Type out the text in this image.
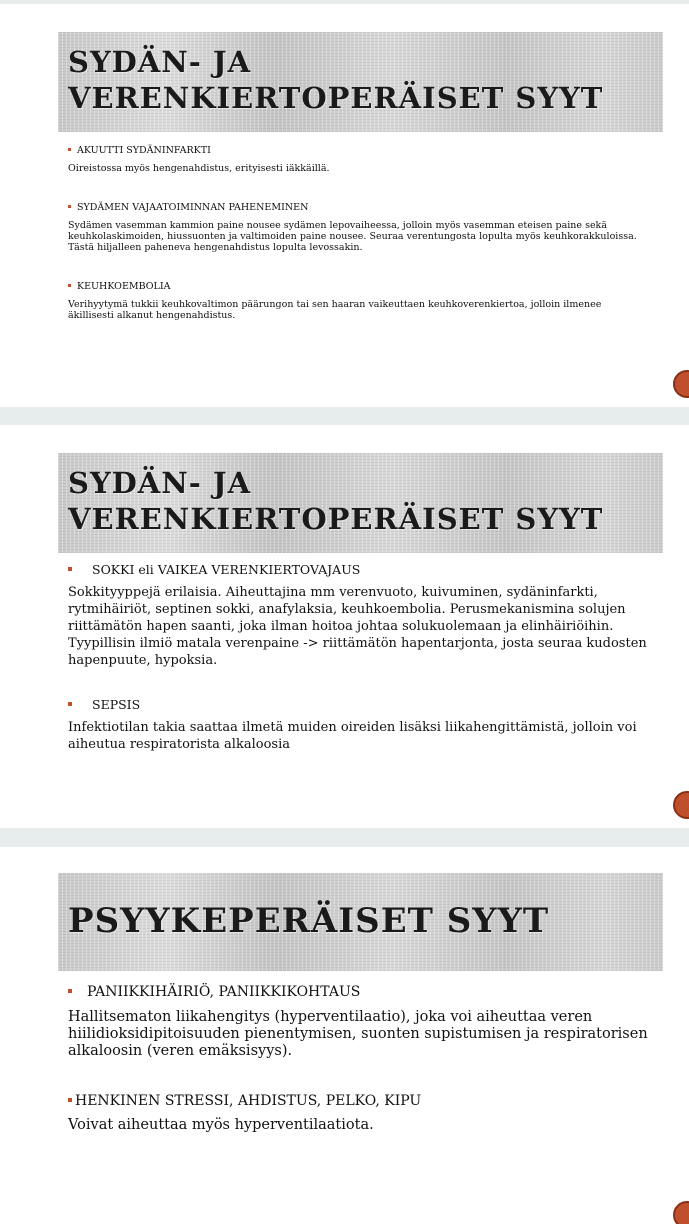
SYDÄN- JA
VERENKIERTOPERÄISET SYYT

AKUUTTI SYDÄNINFARKTI

Oireistossa myös hengenahdistus, erityisesti iäkkäillä.

SYDÄMEN VAJAATOIMINNAN PAHENEMINEN

Sydämen vasemman kammion paine nousee sydämen lepovaiheessa, jolloin myös vasemman eteisen paine sekä keuhkolaskimoiden, hiussuonten ja valtimoiden paine nousee. Seuraa verentungosta lopulta myös keuhkorakkuloissa. Tästä hiljalleen paheneva hengenahdistus lopulta levossakin.

KEUHKOEMBOLIA

Verihyytymä tukkii keuhkovaltimon päärungon tai sen haaran vaikeuttaen keuhkoverenkiertoa, jolloin ilmenee äkillisesti alkanut hengenahdistus.

SYDÄN- JA
VERENKIERTOPERÄISET SYYT

SOKKI eli VAIKEA VERENKIERTOVAJAUS

Sokkityyppejä erilaisia. Aiheuttajina mm verenvuoto, kuivuminen, sydäninfarkti, rytmihäiriöt, septinen sokki, anafylaksia, keuhkoembolia. Perusmekanismina solujen riittämätön hapen saanti, joka ilman hoitoa johtaa solukuolemaan ja elinhäiriöihin. Tyypillisin ilmiö matala verenpaine -> riittämätön hapentarjonta, josta seuraa kudosten hapenpuute, hypoksia.

SEPSIS

Infektiotilan takia saattaa ilmetä muiden oireiden lisäksi liikahengittämistä, jolloin voi aiheutua respiratorista alkaloosia

PSYYKEPERÄISET SYYT

PANIIKKIHÄIRIÖ, PANIIKKIKOHTAUS

Hallitsematon liikahengitys (hyperventilaatio), joka voi aiheuttaa veren hiilidioksidipitoisuuden pienentymisen, suonten supistumisen ja respiratorisen alkaloosin (veren emäksisyys).

HENKINEN STRESSI, AHDISTUS, PELKO, KIPU

Voivat aiheuttaa myös hyperventilaatiota.
